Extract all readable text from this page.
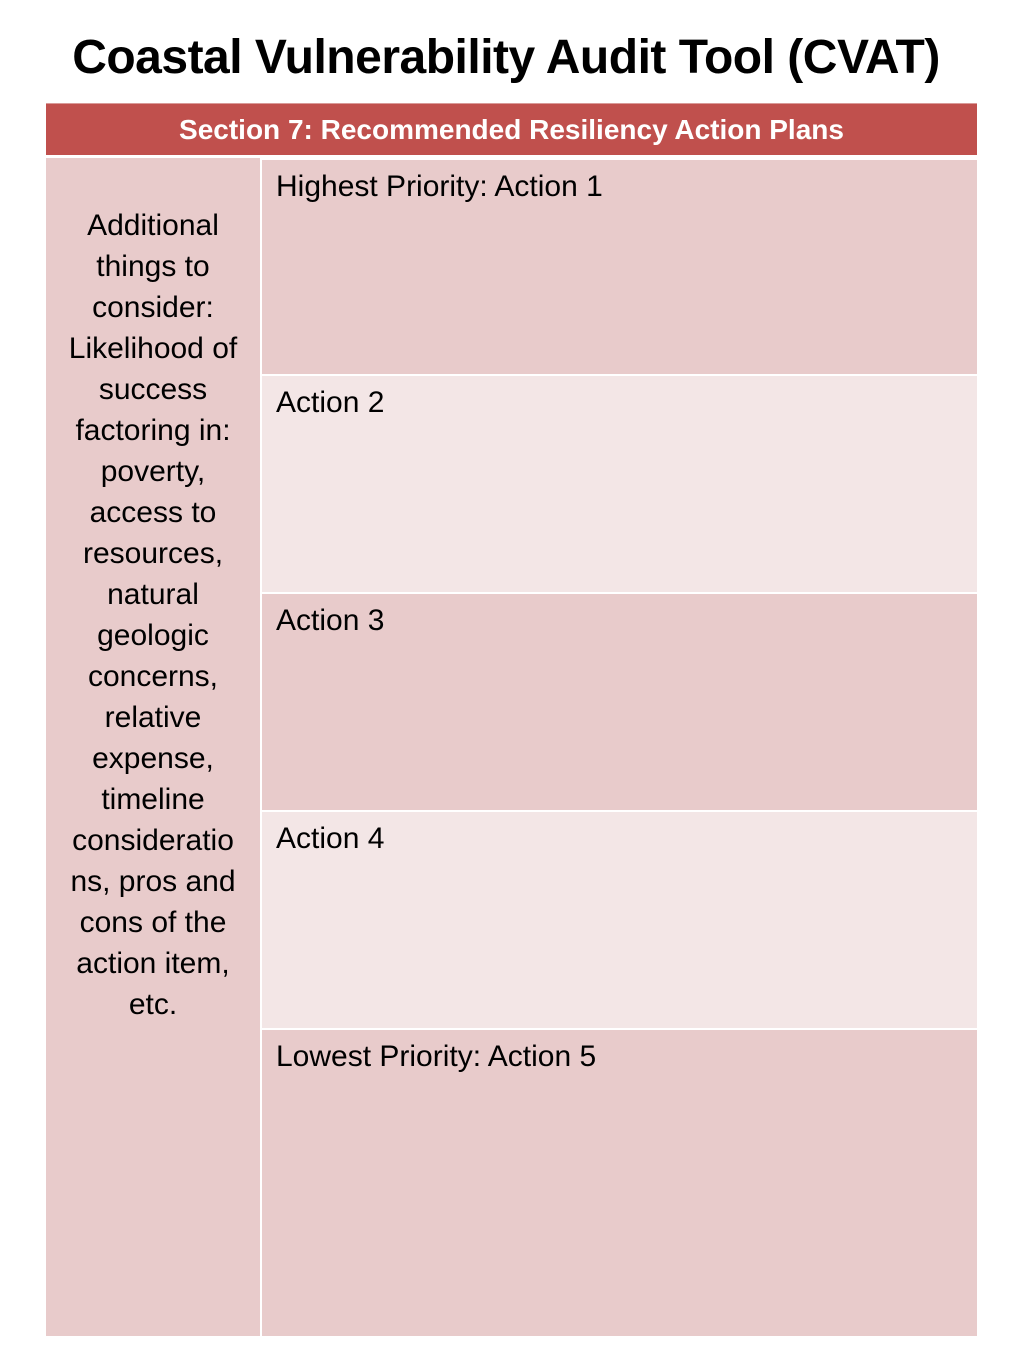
Coastal Vulnerability Audit Tool (CVAT)
Section 7: Recommended Resiliency Action Plans

Additional
things to
consider:
Likelihood of
success
factoring in:
poverty,
access to
resources,
natural
geologic
concerns,
relative
expense,
timeline
consideratio
ns, pros and
cons of the
action item,
etc.

Highest Priority: Action 1
Action 2
Action 3
Action 4
Lowest Priority: Action 5
